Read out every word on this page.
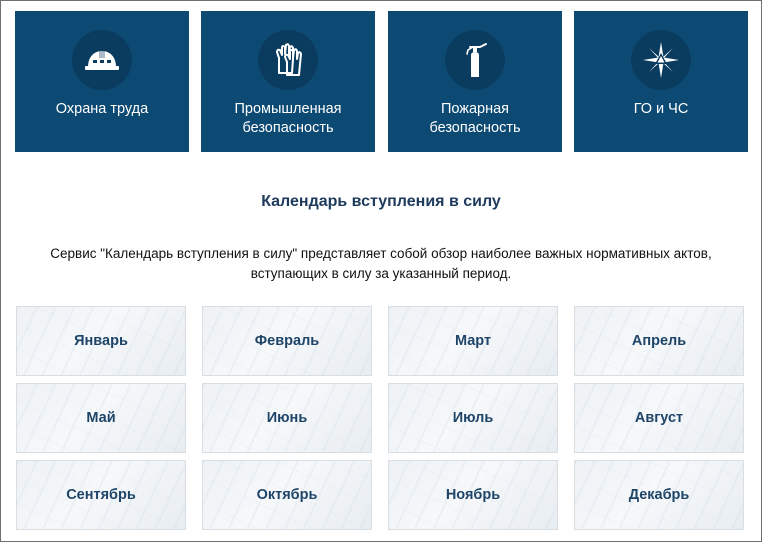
Охрана труда	Промышленная
безопасность
Пожарная
безопасность
ГО и ЧС
Календарь вступления в силу
Сервис "Календарь вступления в силу" представляет собой обзор наиболее важных нормативных актов, вступающих в силу за указанный период.
Январь	Февраль	Март	Апрель
Май	Июнь	Июль	Август
Сентябрь	Октябрь	Ноябрь	Декабрь
